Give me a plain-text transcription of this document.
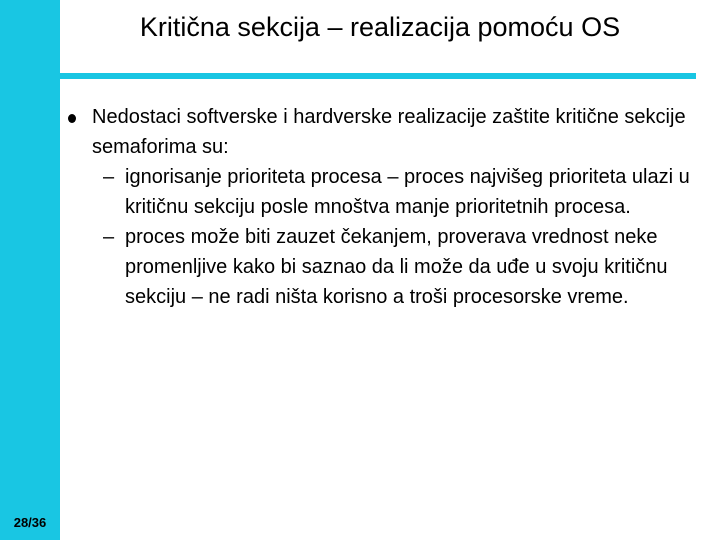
28/36
Kritična sekcija – realizacija pomoću OS
Nedostaci softverske i hardverske realizacije zaštite kritične sekcije semaforima su:
– ignorisanje prioriteta procesa – proces najvišeg prioriteta ulazi u kritičnu sekciju posle mnoštva manje prioritetnih procesa.
– proces može biti zauzet čekanjem, proverava vrednost neke promenljive kako bi saznao da li može da uđe u svoju kritičnu sekciju – ne radi ništa korisno a troši procesorske vreme.
